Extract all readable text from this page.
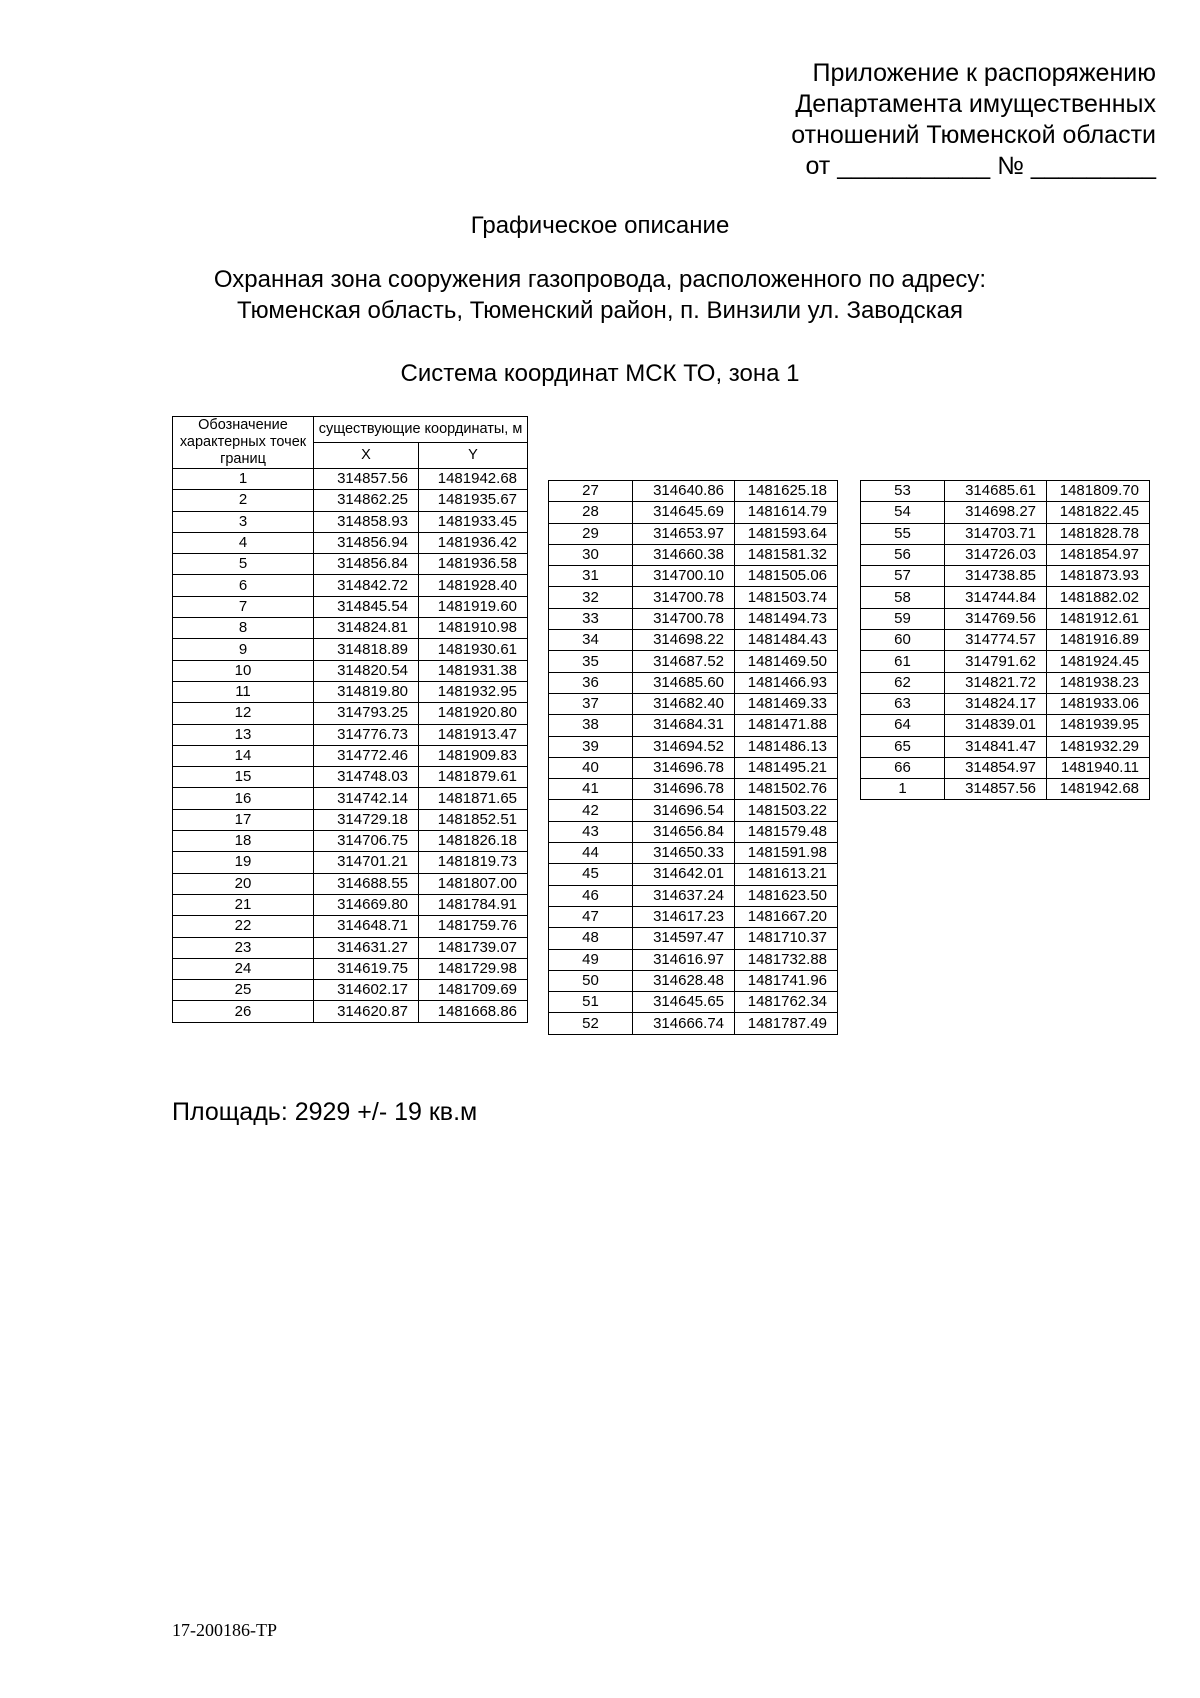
Приложение к распоряжению
Департамента имущественных
отношений Тюменской области
от ___________ № _________
Графическое описание
Охранная зона сооружения газопровода, расположенного по адресу:
Тюменская область, Тюменский район, п. Винзили ул. Заводская
Система координат МСК ТО, зона 1
Обозначение характерных точек границ	существующие координаты, м	
	X	Y
1	314857.56	1481942.68
2	314862.25	1481935.67
3	314858.93	1481933.45
4	314856.94	1481936.42
5	314856.84	1481936.58
6	314842.72	1481928.40
7	314845.54	1481919.60
8	314824.81	1481910.98
9	314818.89	1481930.61
10	314820.54	1481931.38
11	314819.80	1481932.95
12	314793.25	1481920.80
13	314776.73	1481913.47
14	314772.46	1481909.83
15	314748.03	1481879.61
16	314742.14	1481871.65
17	314729.18	1481852.51
18	314706.75	1481826.18
19	314701.21	1481819.73
20	314688.55	1481807.00
21	314669.80	1481784.91
22	314648.71	1481759.76
23	314631.27	1481739.07
24	314619.75	1481729.98
25	314602.17	1481709.69
26	314620.87	1481668.86
27	314640.86	1481625.18
28	314645.69	1481614.79
29	314653.97	1481593.64
30	314660.38	1481581.32
31	314700.10	1481505.06
32	314700.78	1481503.74
33	314700.78	1481494.73
34	314698.22	1481484.43
35	314687.52	1481469.50
36	314685.60	1481466.93
37	314682.40	1481469.33
38	314684.31	1481471.88
39	314694.52	1481486.13
40	314696.78	1481495.21
41	314696.78	1481502.76
42	314696.54	1481503.22
43	314656.84	1481579.48
44	314650.33	1481591.98
45	314642.01	1481613.21
46	314637.24	1481623.50
47	314617.23	1481667.20
48	314597.47	1481710.37
49	314616.97	1481732.88
50	314628.48	1481741.96
51	314645.65	1481762.34
52	314666.74	1481787.49
53	314685.61	1481809.70
54	314698.27	1481822.45
55	314703.71	1481828.78
56	314726.03	1481854.97
57	314738.85	1481873.93
58	314744.84	1481882.02
59	314769.56	1481912.61
60	314774.57	1481916.89
61	314791.62	1481924.45
62	314821.72	1481938.23
63	314824.17	1481933.06
64	314839.01	1481939.95
65	314841.47	1481932.29
66	314854.97	1481940.11
1	314857.56	1481942.68
Площадь: 2929 +/- 19 кв.м
17-200186-TP
